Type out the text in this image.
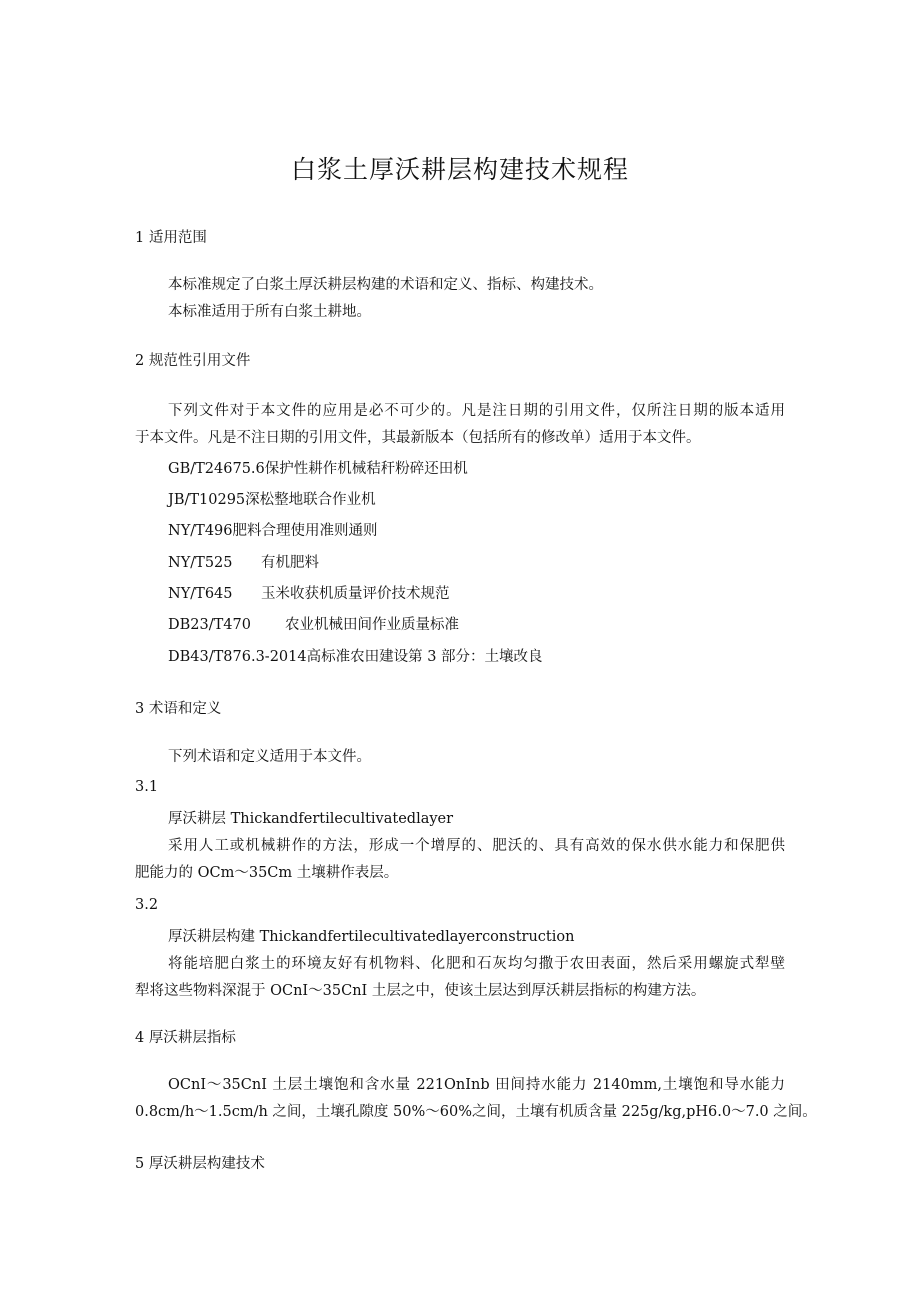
白浆土厚沃耕层构建技术规程
1 适用范围
本标准规定了白浆土厚沃耕层构建的术语和定义、指标、构建技术。
本标准适用于所有白浆土耕地。
2 规范性引用文件
下列文件对于本文件的应用是必不可少的。凡是注日期的引用文件，仅所注日期的版本适用
于本文件。凡是不注日期的引用文件，其最新版本（包括所有的修改单）适用于本文件。
GB/T24675.6保护性耕作机械秸秆粉碎还田机
JB/T10295深松整地联合作业机
NY/T496肥料合理使用准则通则
NY/T525 有机肥料
NY/T645 玉米收获机质量评价技术规范
DB23/T470 农业机械田间作业质量标准
DB43/T876.3-2014高标准农田建设第 3 部分：土壤改良
3 术语和定义
下列术语和定义适用于本文件。
3.1
厚沃耕层 Thickandfertilecultivatedlayer
采用人工或机械耕作的方法，形成一个增厚的、肥沃的、具有高效的保水供水能力和保肥供
肥能力的 OCm～35Cm 土壤耕作表层。
3.2
厚沃耕层构建 Thickandfertilecultivatedlayerconstruction
将能培肥白浆土的环境友好有机物料、化肥和石灰均匀撒于农田表面，然后采用螺旋式犁壁
犁将这些物料深混于 OCnI～35CnI 土层之中，使该土层达到厚沃耕层指标的构建方法。
4 厚沃耕层指标
OCnI～35CnI 土层土壤饱和含水量 221OnInb 田间持水能力 2140mm,土壤饱和导水能力
0.8cm∕h～1.5cm∕h 之间，土壤孔隙度 50%～60%之间，土壤有机质含量 225g∕kg,pH6.0～7.0 之间。
5 厚沃耕层构建技术
